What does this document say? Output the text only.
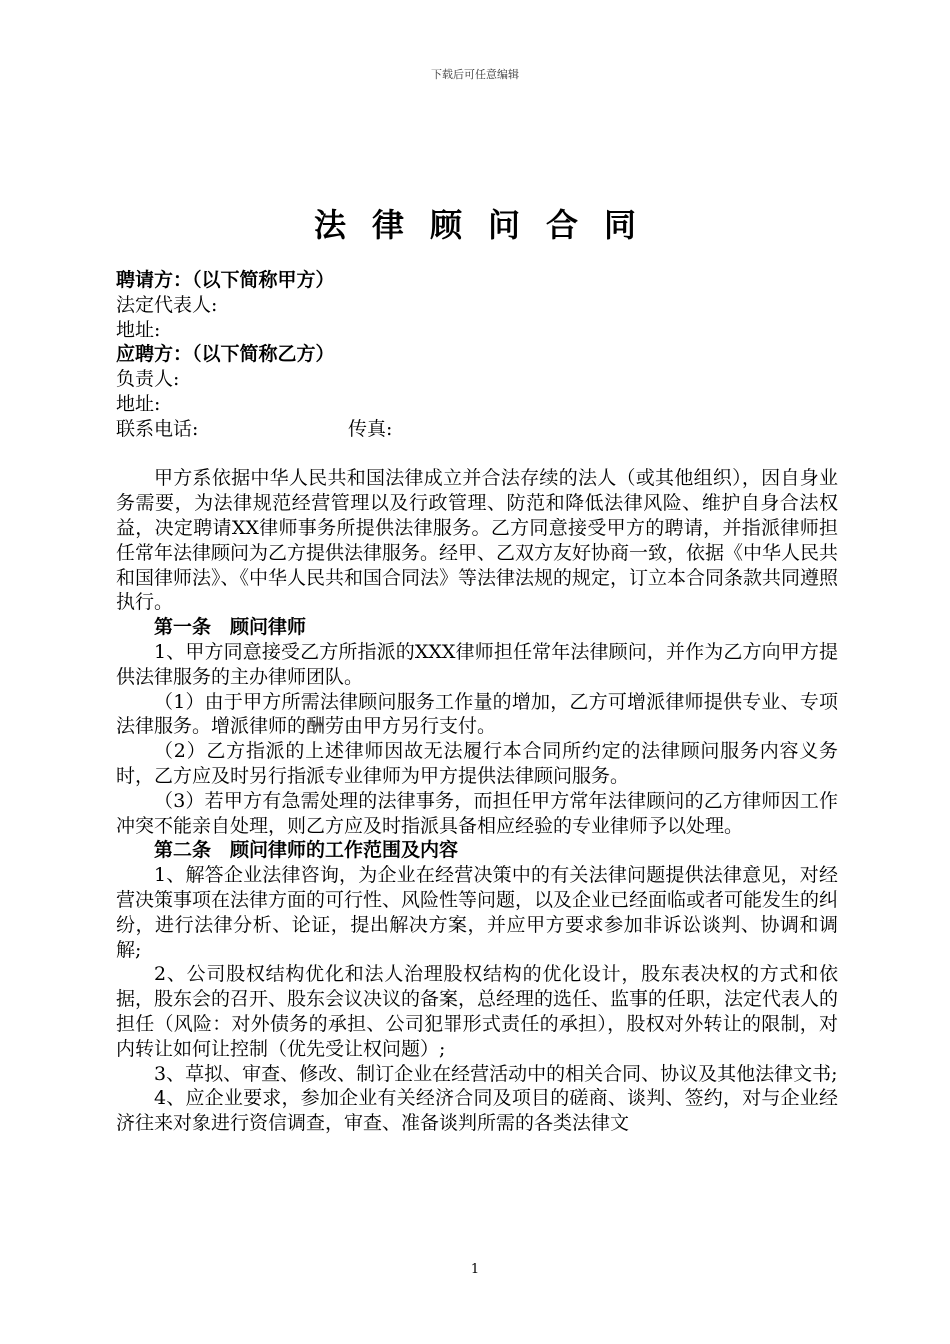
下载后可任意编辑
法律顾问合同
聘请方：（以下简称甲方）
法定代表人:
地址:
应聘方：（以下简称乙方）
负责人:
地址:
联系电话:	传真:
甲方系依据中华人民共和国法律成立并合法存续的法人（或其他组织），因自身业务需要，为法律规范经营管理以及行政管理、防范和降低法律风险、维护自身合法权益，决定聘请XX律师事务所提供法律服务。乙方同意接受甲方的聘请，并指派律师担任常年法律顾问为乙方提供法律服务。经甲、乙双方友好协商一致，依据《中华人民共和国律师法》、《中华人民共和国合同法》等法律法规的规定，订立本合同条款共同遵照执行。
第一条　顾问律师
1、甲方同意接受乙方所指派的XXX律师担任常年法律顾问，并作为乙方向甲方提供法律服务的主办律师团队。
（1）由于甲方所需法律顾问服务工作量的增加，乙方可增派律师提供专业、专项法律服务。增派律师的酬劳由甲方另行支付。
（2）乙方指派的上述律师因故无法履行本合同所约定的法律顾问服务内容义务时，乙方应及时另行指派专业律师为甲方提供法律顾问服务。
（3）若甲方有急需处理的法律事务，而担任甲方常年法律顾问的乙方律师因工作冲突不能亲自处理，则乙方应及时指派具备相应经验的专业律师予以处理。
第二条　顾问律师的工作范围及内容
1、解答企业法律咨询，为企业在经营决策中的有关法律问题提供法律意见，对经营决策事项在法律方面的可行性、风险性等问题，以及企业已经面临或者可能发生的纠纷，进行法律分析、论证，提出解决方案，并应甲方要求参加非诉讼谈判、协调和调解;
2、公司股权结构优化和法人治理股权结构的优化设计，股东表决权的方式和依据，股东会的召开、股东会议决议的备案，总经理的选任、监事的任职，法定代表人的担任（风险：对外债务的承担、公司犯罪形式责任的承担），股权对外转让的限制，对内转让如何让控制（优先受让权问题）;
3、草拟、审查、修改、制订企业在经营活动中的相关合同、协议及其他法律文书;
4、应企业要求，参加企业有关经济合同及项目的磋商、谈判、签约，对与企业经济往来对象进行资信调查，审查、准备谈判所需的各类法律文
1
